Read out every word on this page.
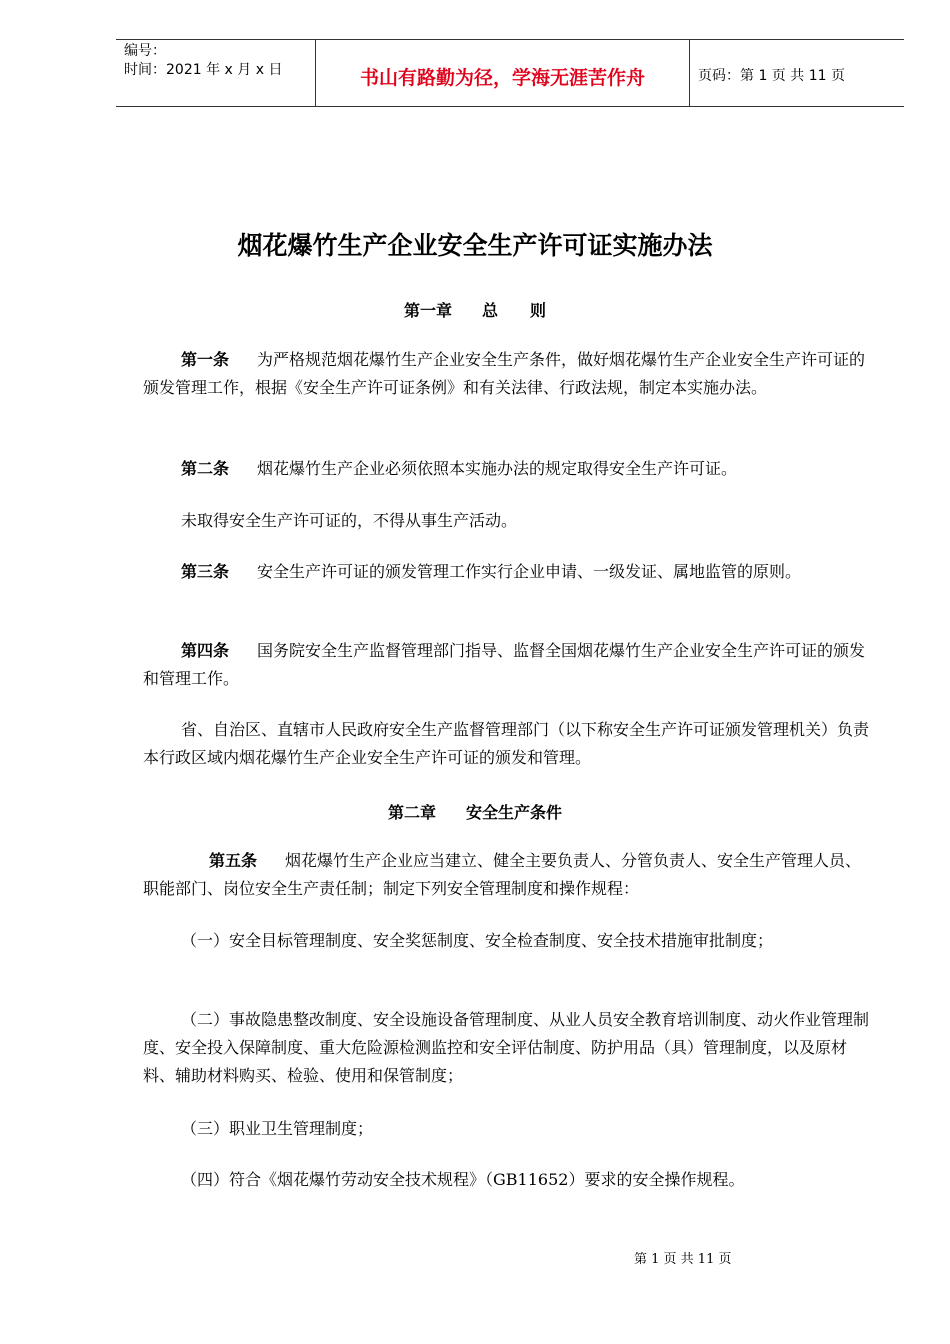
编号：
时间：2021 年 x 月 x 日	书山有路勤为径，学海无涯苦作舟	页码：第 1 页 共 11 页
烟花爆竹生产企业安全生产许可证实施办法
第一章 总　　则

第一条 为严格规范烟花爆竹生产企业安全生产条件，做好烟花爆竹生产企业安全生产许可证的颁发管理工作，根据《安全生产许可证条例》和有关法律、行政法规，制定本实施办法。

第二条 烟花爆竹生产企业必须依照本实施办法的规定取得安全生产许可证。

未取得安全生产许可证的，不得从事生产活动。

第三条 安全生产许可证的颁发管理工作实行企业申请、一级发证、属地监管的原则。

第四条 国务院安全生产监督管理部门指导、监督全国烟花爆竹生产企业安全生产许可证的颁发和管理工作。

省、自治区、直辖市人民政府安全生产监督管理部门（以下称安全生产许可证颁发管理机关）负责本行政区域内烟花爆竹生产企业安全生产许可证的颁发和管理。

第二章 安全生产条件

第五条 烟花爆竹生产企业应当建立、健全主要负责人、分管负责人、安全生产管理人员、职能部门、岗位安全生产责任制；制定下列安全管理制度和操作规程：

（一）安全目标管理制度、安全奖惩制度、安全检查制度、安全技术措施审批制度；

（二）事故隐患整改制度、安全设施设备管理制度、从业人员安全教育培训制度、动火作业管理制度、安全投入保障制度、重大危险源检测监控和安全评估制度、防护用品（具）管理制度，以及原材料、辅助材料购买、检验、使用和保管制度；

（三）职业卫生管理制度；

（四）符合《烟花爆竹劳动安全技术规程》（GB11652）要求的安全操作规程。

第 1 页 共 11 页
